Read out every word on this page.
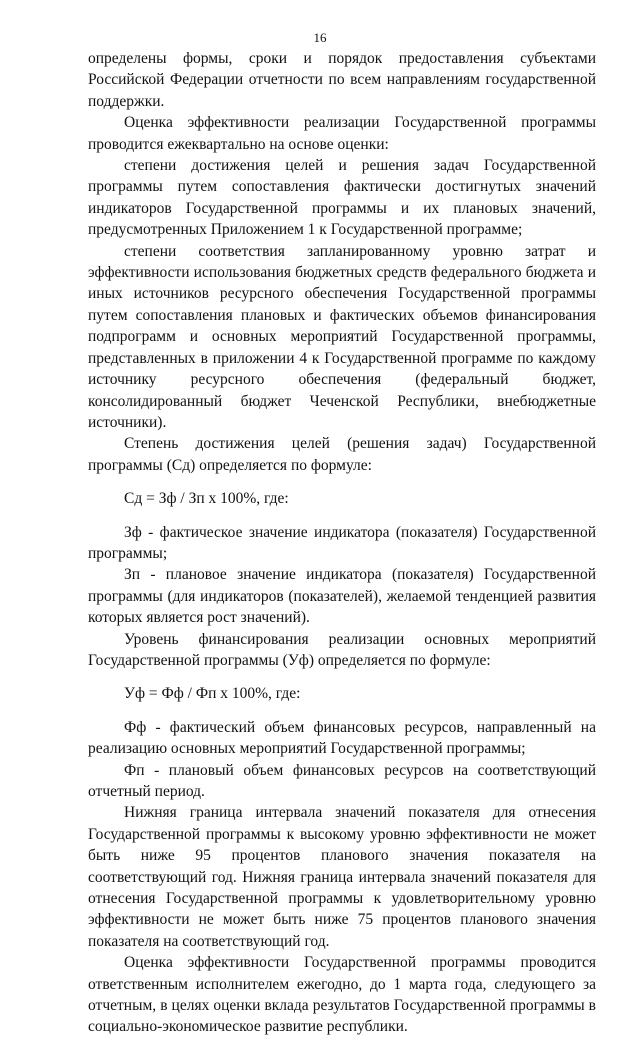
16

определены формы, сроки и порядок предоставления субъектами Российской Федерации отчетности по всем направлениям государственной поддержки.

Оценка эффективности реализации Государственной программы проводится ежеквартально на основе оценки:

степени достижения целей и решения задач Государственной программы путем сопоставления фактически достигнутых значений индикаторов Государственной программы и их плановых значений, предусмотренных Приложением 1 к Государственной программе;

степени соответствия запланированному уровню затрат и эффективности использования бюджетных средств федерального бюджета и иных источников ресурсного обеспечения Государственной программы путем сопоставления плановых и фактических объемов финансирования подпрограмм и основных мероприятий Государственной программы, представленных в приложении 4 к Государственной программе по каждому источнику ресурсного обеспечения (федеральный бюджет, консолидированный бюджет Чеченской Республики, внебюджетные источники).

Степень достижения целей (решения задач) Государственной программы (Сд) определяется по формуле:

Сд = Зф / Зп х 100%, где:

Зф - фактическое значение индикатора (показателя) Государственной программы;

Зп - плановое значение индикатора (показателя) Государственной программы (для индикаторов (показателей), желаемой тенденцией развития которых является рост значений).

Уровень финансирования реализации основных мероприятий Государственной программы (Уф) определяется по формуле:

Уф = Фф / Фп х 100%, где:

Фф - фактический объем финансовых ресурсов, направленный на реализацию основных мероприятий Государственной программы;

Фп - плановый объем финансовых ресурсов на соответствующий отчетный период.

Нижняя граница интервала значений показателя для отнесения Государственной программы к высокому уровню эффективности не может быть ниже 95 процентов планового значения показателя на соответствующий год. Нижняя граница интервала значений показателя для отнесения Государственной программы к удовлетворительному уровню эффективности не может быть ниже 75 процентов планового значения показателя на соответствующий год.

Оценка эффективности Государственной программы проводится ответственным исполнителем ежегодно, до 1 марта года, следующего за отчетным, в целях оценки вклада результатов Государственной программы в социально-экономическое развитие республики.
